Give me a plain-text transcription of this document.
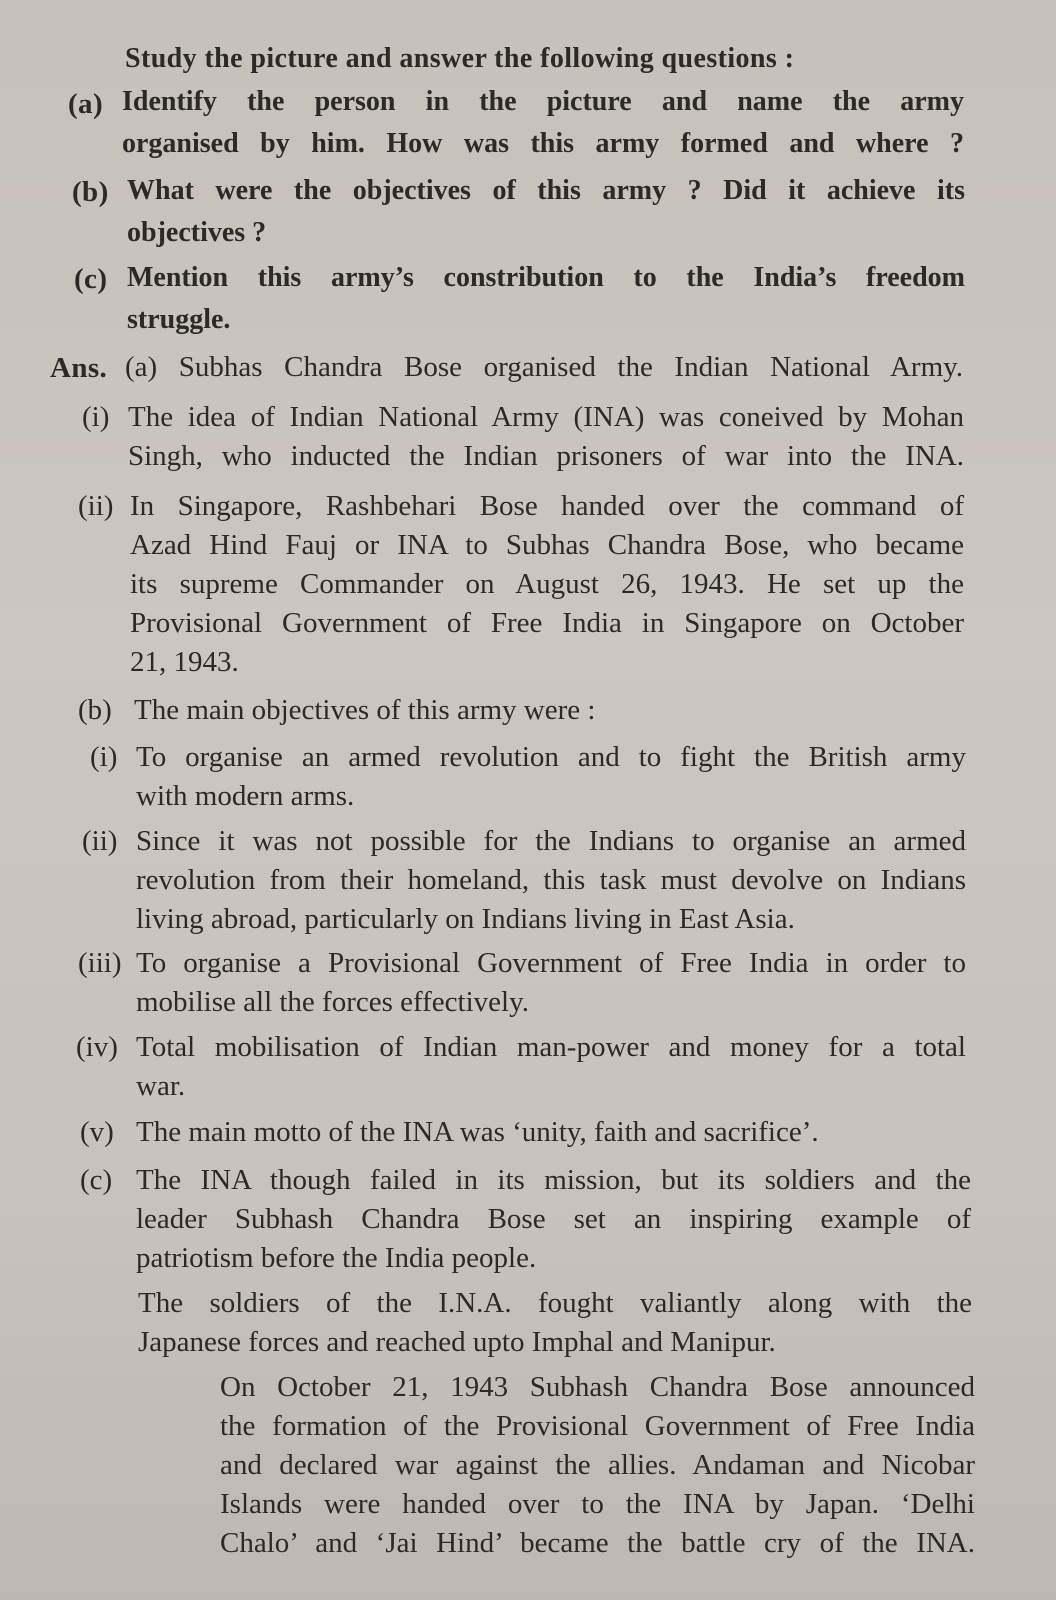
Study the picture and answer the following questions :
(a) Identify the person in the picture and name the army
organised by him. How was this army formed and where ?
(b) What were the objectives of this army ? Did it achieve its
objectives ?
(c) Mention this army’s constribution to the India’s freedom
struggle.
Ans. (a) Subhas Chandra Bose organised the Indian National Army.
(i) The idea of Indian National Army (INA) was coneived by Mohan
Singh, who inducted the Indian prisoners of war into the INA.
(ii) In Singapore, Rashbehari Bose handed over the command of
Azad Hind Fauj or INA to Subhas Chandra Bose, who became
its supreme Commander on August 26, 1943. He set up the
Provisional Government of Free India in Singapore on October
21, 1943.
(b) The main objectives of this army were :
(i) To organise an armed revolution and to fight the British army
with modern arms.
(ii) Since it was not possible for the Indians to organise an armed
revolution from their homeland, this task must devolve on Indians
living abroad, particularly on Indians living in East Asia.
(iii) To organise a Provisional Government of Free India in order to
mobilise all the forces effectively.
(iv) Total mobilisation of Indian man-power and money for a total
war.
(v) The main motto of the INA was ‘unity, faith and sacrifice’.
(c) The INA though failed in its mission, but its soldiers and the
leader Subhash Chandra Bose set an inspiring example of
patriotism before the India people.
The soldiers of the I.N.A. fought valiantly along with the
Japanese forces and reached upto Imphal and Manipur.
On October 21, 1943 Subhash Chandra Bose announced
the formation of the Provisional Government of Free India
and declared war against the allies. Andaman and Nicobar
Islands were handed over to the INA by Japan. ‘Delhi
Chalo’ and ‘Jai Hind’ became the battle cry of the INA.
